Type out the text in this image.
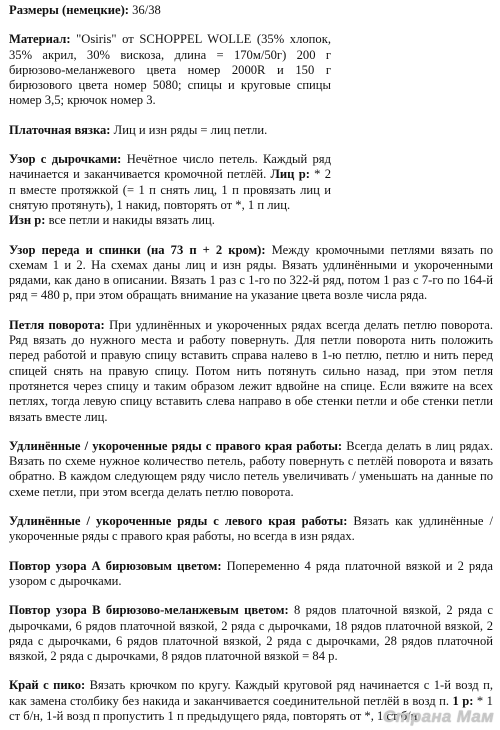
Размеры (немецкие): 36/38

Материал: "Osiris" от SCHOPPEL WOLLE (35% хлопок, 35% акрил, 30% вискоза, длина = 170м/50г) 200 г бирюзово-меланжевого цвета номер 2000R и 150 г бирюзового цвета номер 5080; спицы и круговые спицы номер 3,5; крючок номер 3.

Платочная вязка: Лиц и изн ряды = лиц петли.

Узор с дырочками: Нечётное число петель. Каждый ряд начинается и заканчивается кромочной петлёй. Лиц р: * 2 п вместе протяжкой (= 1 п снять лиц, 1 п провязать лиц и снятую протянуть), 1 накид, повторять от *, 1 п лиц.
Изн р: все петли и накиды вязать лиц.

Узор переда и спинки (на 73 п + 2 кром): Между кромочными петлями вязать по схемам 1 и 2. На схемах даны лиц и изн ряды. Вязать удлинёнными и укороченными рядами, как дано в описании. Вязать 1 раз с 1-го по 322-й ряд, потом 1 раз с 7-го по 164-й ряд = 480 р, при этом обращать внимание на указание цвета возле числа ряда.

Петля поворота: При удлинённых и укороченных рядах всегда делать петлю поворота. Ряд вязать до нужного места и работу повернуть. Для петли поворота нить положить перед работой и правую спицу вставить справа налево в 1-ю петлю, петлю и нить перед спицей снять на правую спицу. Потом нить потянуть сильно назад, при этом петля протянется через спицу и таким образом лежит вдвойне на спице. Если вяжите на всех петлях, тогда левую спицу вставить слева направо в обе стенки петли и обе стенки петли вязать вместе лиц.

Удлинённые / укороченные ряды с правого края работы: Всегда делать в лиц рядах. Вязать по схеме нужное количество петель, работу повернуть с петлёй поворота и вязать обратно. В каждом следующем ряду число петель увеличивать / уменьшать на данные по схеме петли, при этом всегда делать петлю поворота.

Удлинённые / укороченные ряды с левого края работы: Вязать как удлинённые / укороченные ряды с правого края работы, но всегда в изн рядах.

Повтор узора А бирюзовым цветом: Попеременно 4 ряда платочной вязкой и 2 ряда узором с дырочками.

Повтор узора В бирюзово-меланжевым цветом: 8 рядов платочной вязкой, 2 ряда с дырочками, 6 рядов платочной вязкой, 2 ряда с дырочками, 18 рядов платочной вязкой, 2 ряда с дырочками, 6 рядов платочной вязкой, 2 ряда с дырочками, 28 рядов платочной вязкой, 2 ряда с дырочками, 8 рядов платочной вязкой = 84 р.

Край с пико: Вязать крючком по кругу. Каждый круговой ряд начинается с 1-й возд п, как замена столбику без накида и заканчивается соединительной петлёй в возд п. 1 р: * 1 ст б/н, 1-й возд п пропустить 1 п предыдущего ряда, повторять от *, 1 ст б/н.

Страна Мам
